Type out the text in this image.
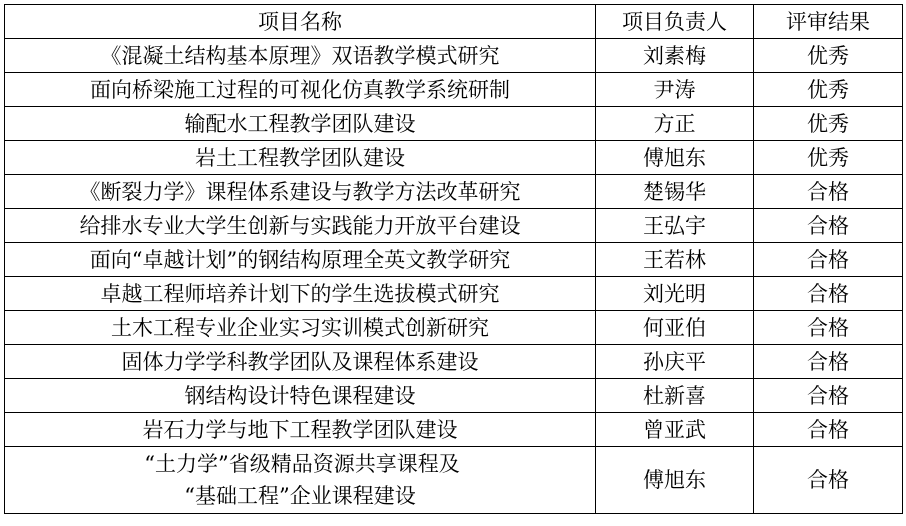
项目名称	项目负责人	评审结果
《混凝土结构基本原理》双语教学模式研究	刘素梅	优秀
面向桥梁施工过程的可视化仿真教学系统研制	尹涛	优秀
输配水工程教学团队建设	方正	优秀
岩土工程教学团队建设	傅旭东	优秀
《断裂力学》课程体系建设与教学方法改革研究	楚锡华	合格
给排水专业大学生创新与实践能力开放平台建设	王弘宇	合格
面向“卓越计划”的钢结构原理全英文教学研究	王若林	合格
卓越工程师培养计划下的学生选拔模式研究	刘光明	合格
土木工程专业企业实习实训模式创新研究	何亚伯	合格
固体力学学科教学团队及课程体系建设	孙庆平	合格
钢结构设计特色课程建设	杜新喜	合格
岩石力学与地下工程教学团队建设	曾亚武	合格

“土力学”省级精品资源共享课程及
“基础工程”企业课程建设	傅旭东	合格
